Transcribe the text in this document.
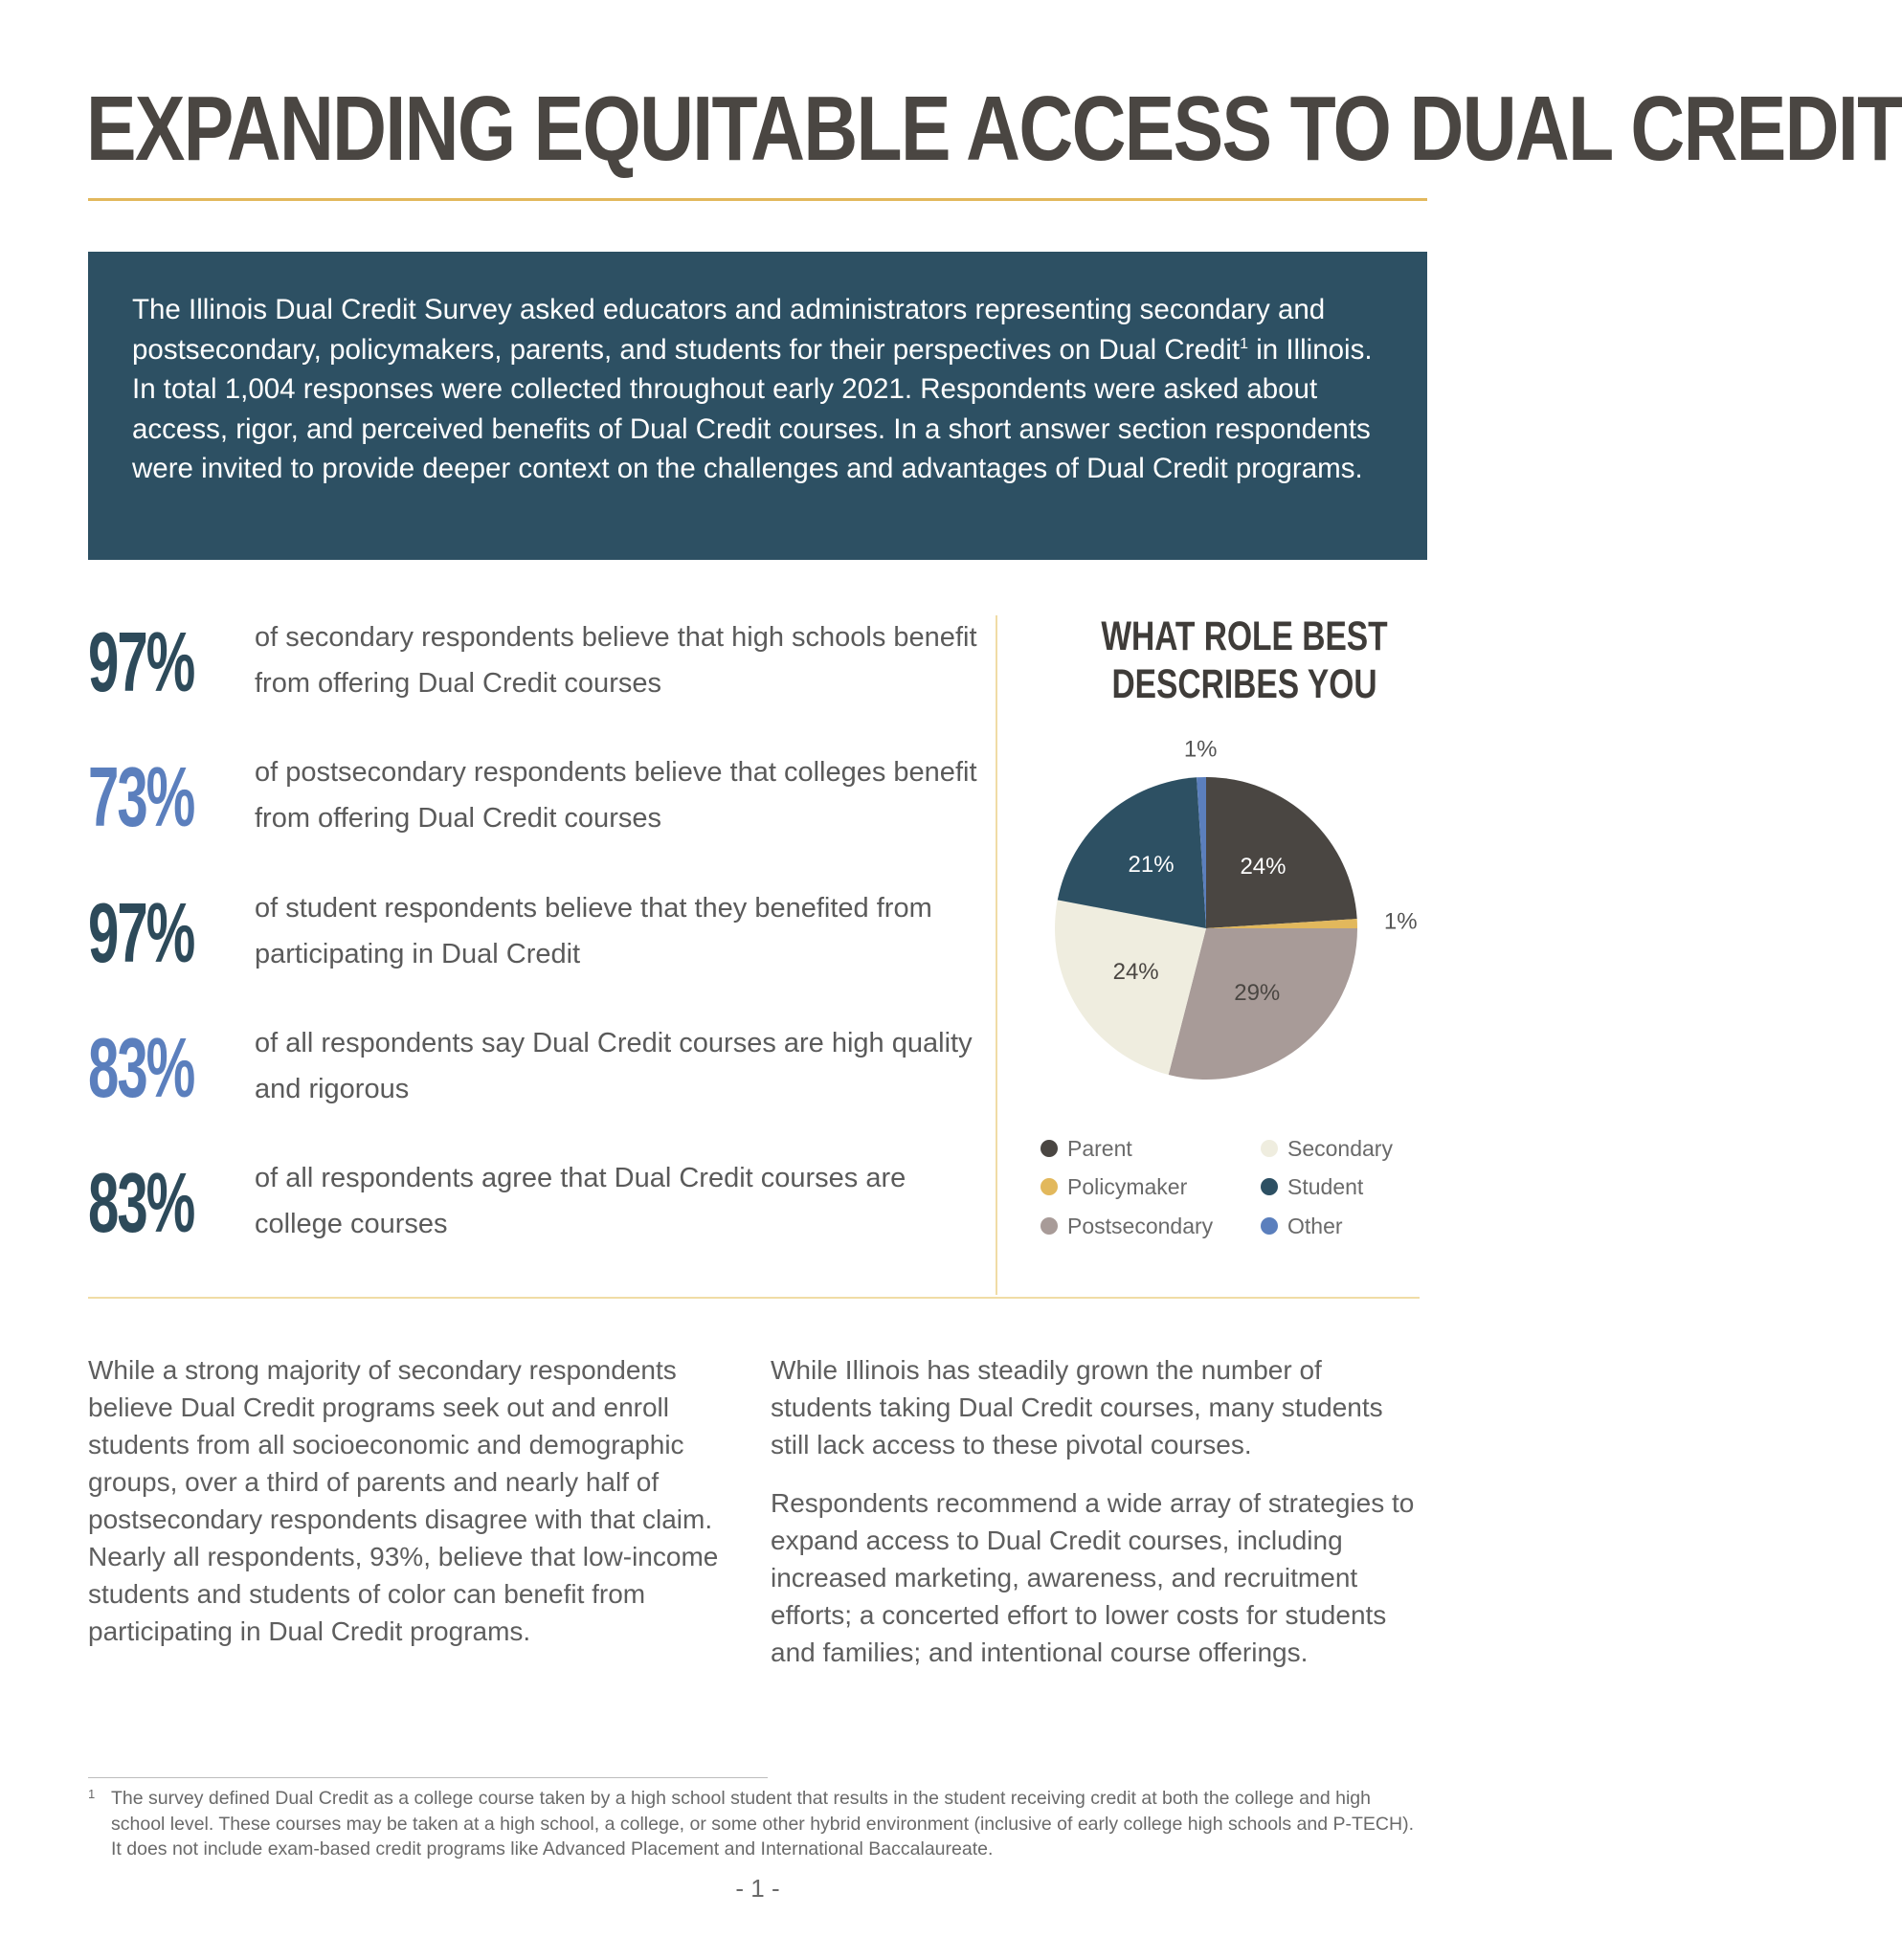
EXPANDING EQUITABLE ACCESS TO DUAL CREDIT

The Illinois Dual Credit Survey asked educators and administrators representing secondary and postsecondary, policymakers, parents, and students for their perspectives on Dual Credit$^1$ in Illinois. In total 1,004 responses were collected throughout early 2021. Respondents were asked about access, rigor, and perceived benefits of Dual Credit courses. In a short answer section respondents were invited to provide deeper context on the challenges and advantages of Dual Credit programs.

97% of secondary respondents believe that high schools benefit from offering Dual Credit courses
73% of postsecondary respondents believe that colleges benefit from offering Dual Credit courses
97% of student respondents believe that they benefited from participating in Dual Credit
83% of all respondents say Dual Credit courses are high quality and rigorous
83% of all respondents agree that Dual Credit courses are college courses
WHAT ROLE BEST DESCRIBES YOU
24%
1%
29%
24%
21%
1%
Parent	Secondary
Policymaker	Student
Postsecondary	Other

While a strong majority of secondary respondents believe Dual Credit programs seek out and enroll students from all socioeconomic and demographic groups, over a third of parents and nearly half of postsecondary respondents disagree with that claim. Nearly all respondents, 93%, believe that low-income students and students of color can benefit from participating in Dual Credit programs.

While Illinois has steadily grown the number of students taking Dual Credit courses, many students still lack access to these pivotal courses.

Respondents recommend a wide array of strategies to expand access to Dual Credit courses, including increased marketing, awareness, and recruitment efforts; a concerted effort to lower costs for students and families; and intentional course offerings.

1 The survey defined Dual Credit as a college course taken by a high school student that results in the student receiving credit at both the college and high school level. These courses may be taken at a high school, a college, or some other hybrid environment (inclusive of early college high schools and P-TECH). It does not include exam-based credit programs like Advanced Placement and International Baccalaureate.
- 1 -
